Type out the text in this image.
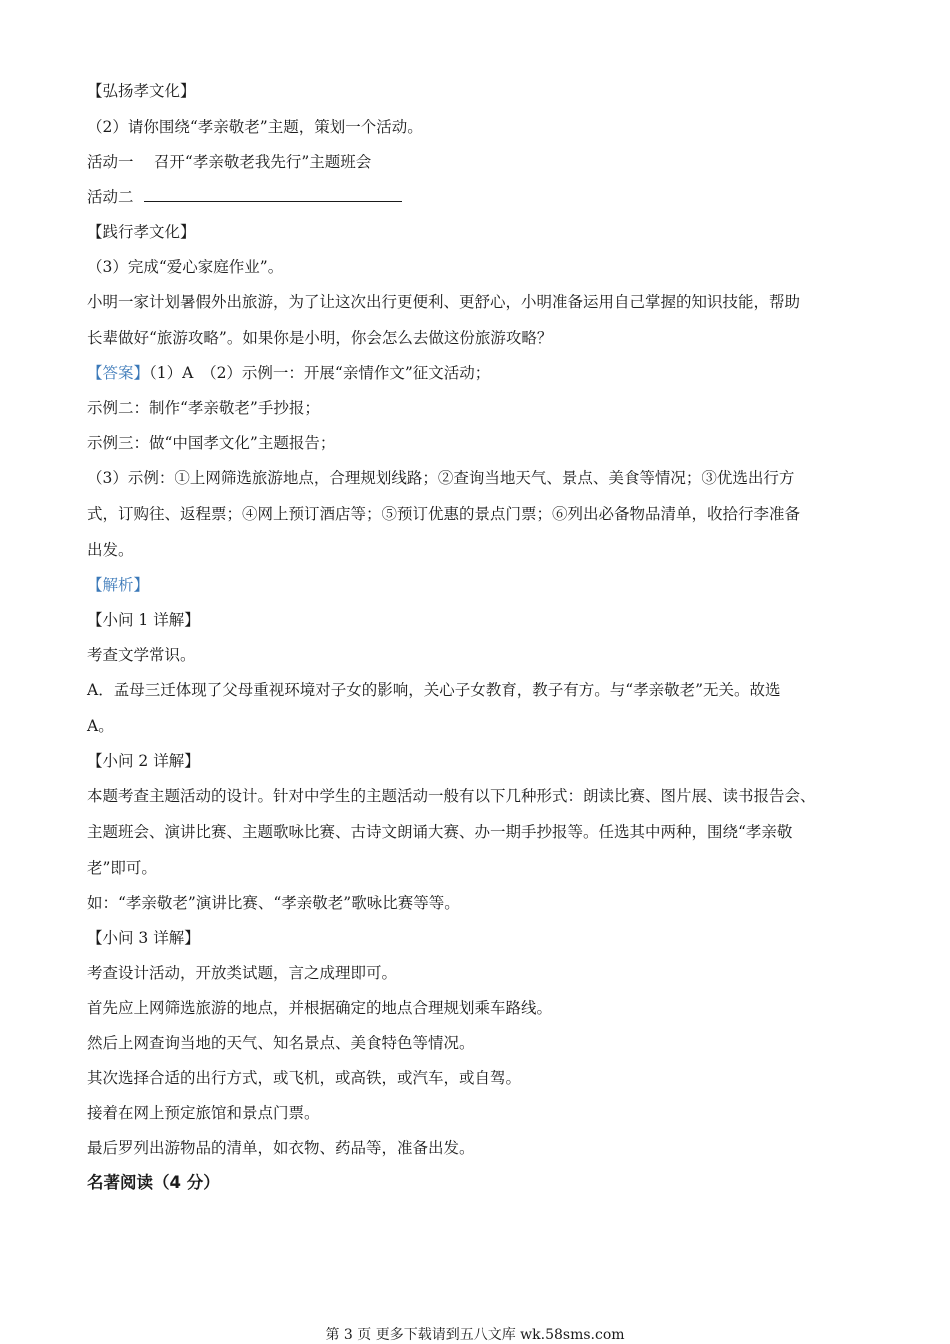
【弘扬孝文化】
（2）请你围绕“孝亲敬老”主题，策划一个活动。
活动一　 召开“孝亲敬老我先行”主题班会
活动二
【践行孝文化】
（3）完成“爱心家庭作业”。
小明一家计划暑假外出旅游，为了让这次出行更便利、更舒心，小明准备运用自己掌握的知识技能，帮助
长辈做好“旅游攻略”。如果你是小明，你会怎么去做这份旅游攻略？
【答案】（1）A　（2）示例一：开展“亲情作文”征文活动；
示例二：制作“孝亲敬老”手抄报；
示例三：做“中国孝文化”主题报告；
（3）示例：①上网筛选旅游地点，合理规划线路；②查询当地天气、景点、美食等情况；③优选出行方
式，订购往、返程票；④网上预订酒店等；⑤预订优惠的景点门票；⑥列出必备物品清单，收拾行李准备
出发。
【解析】
【小问 1 详解】
考查文学常识。
A．孟母三迁体现了父母重视环境对子女的影响，关心子女教育，教子有方。与“孝亲敬老”无关。故选
A。
【小问 2 详解】
本题考查主题活动的设计。针对中学生的主题活动一般有以下几种形式：朗读比赛、图片展、读书报告会、
主题班会、演讲比赛、主题歌咏比赛、古诗文朗诵大赛、办一期手抄报等。任选其中两种，围绕“孝亲敬
老”即可。
如：“孝亲敬老”演讲比赛、“孝亲敬老”歌咏比赛等等。
【小问 3 详解】
考查设计活动，开放类试题，言之成理即可。
首先应上网筛选旅游的地点，并根据确定的地点合理规划乘车路线。
然后上网查询当地的天气、知名景点、美食特色等情况。
其次选择合适的出行方式，或飞机，或高铁，或汽车，或自驾。
接着在网上预定旅馆和景点门票。
最后罗列出游物品的清单，如衣物、药品等，准备出发。
名著阅读（4 分）
第 3 页 更多下载请到五八文库 wk.58sms.com
